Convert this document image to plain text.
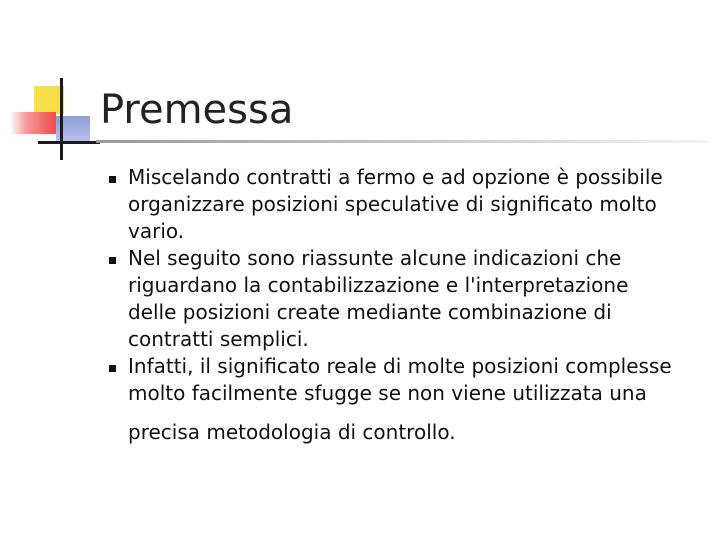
Premessa
Miscelando contratti a fermo e ad opzione è possibile
organizzare posizioni speculative di significato molto
vario.
Nel seguito sono riassunte alcune indicazioni che
riguardano la contabilizzazione e l'interpretazione
delle posizioni create mediante combinazione di
contratti semplici.
Infatti, il significato reale di molte posizioni complesse
molto facilmente sfugge se non viene utilizzata una
precisa metodologia di controllo.
